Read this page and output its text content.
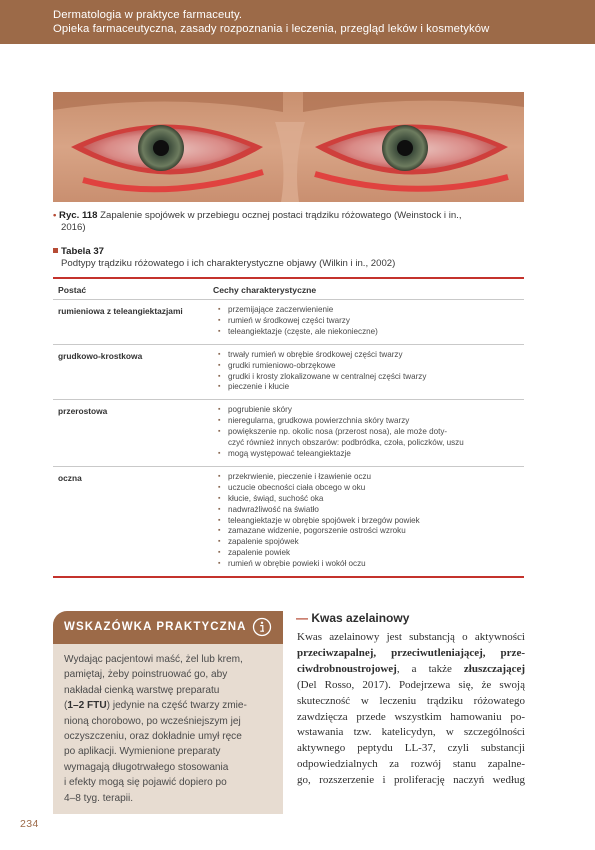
Dermatologia w praktyce farmaceuty.
Opieka farmaceutyczna, zasady rozpoznania i leczenia, przegląd leków i kosmetyków
• Ryc. 118 Zapalenie spojówek w przebiegu ocznej postaci trądziku różowatego (Weinstock i in.,
2016)
Tabela 37
Podtypy trądziku różowatego i ich charakterystyczne objawy (Wilkin i in., 2002)
Postać	Cechy charakterystyczne
rumieniowa z teleangiektazjami	▪ przemijające zaczerwienienie
▪ rumień w środkowej części twarzy
▪ teleangiektazje (częste, ale niekonieczne)
grudkowo-krostkowa	▪ trwały rumień w obrębie środkowej części twarzy
▪ grudki rumieniowo-obrzękowe
▪ grudki i krosty zlokalizowane w centralnej części twarzy
▪ pieczenie i kłucie
przerostowa	▪ pogrubienie skóry
▪ nieregularna, grudkowa powierzchnia skóry twarzy
▪ powiększenie np. okolic nosa (przerost nosa), ale może doty-
czyć również innych obszarów: podbródka, czoła, policzków, uszu
▪ mogą występować teleangiektazje
oczna	▪ przekrwienie, pieczenie i łzawienie oczu
▪ uczucie obecności ciała obcego w oku
▪ kłucie, świąd, suchość oka
▪ nadwrażliwość na światło
▪ teleangiektazje w obrębie spojówek i brzegów powiek
▪ zamazane widzenie, pogorszenie ostrości wzroku
▪ zapalenie spojówek
▪ zapalenie powiek
▪ rumień w obrębie powieki i wokół oczu
WSKAZÓWKA PRAKTYCZNA
Wydając pacjentowi maść, żel lub krem,
pamiętaj, żeby poinstruować go, aby
nakładał cienką warstwę preparatu
(1–2 FTU) jedynie na część twarzy zmie-
nioną chorobowo, po wcześniejszym jej
oczyszczeniu, oraz dokładnie umył ręce
po aplikacji. Wymienione preparaty
wymagają długotrwałego stosowania
i efekty mogą się pojawić dopiero po
4–8 tyg. terapii.
— Kwas azelainowy
Kwas azelainowy jest substancją o aktywności
przeciwzapalnej, przeciwutleniającej, prze-
ciwdrobnoustrojowej, a także złuszczającej
(Del Rosso, 2017). Podejrzewa się, że swoją
skuteczność w leczeniu trądziku różowatego
zawdzięcza przede wszystkim hamowaniu po-
wstawania tzw. katelicydyn, w szczególności
aktywnego peptydu LL-37, czyli substancji
odpowiedzialnych za rozwój stanu zapalne-
go, rozszerzenie i proliferację naczyń według
234
